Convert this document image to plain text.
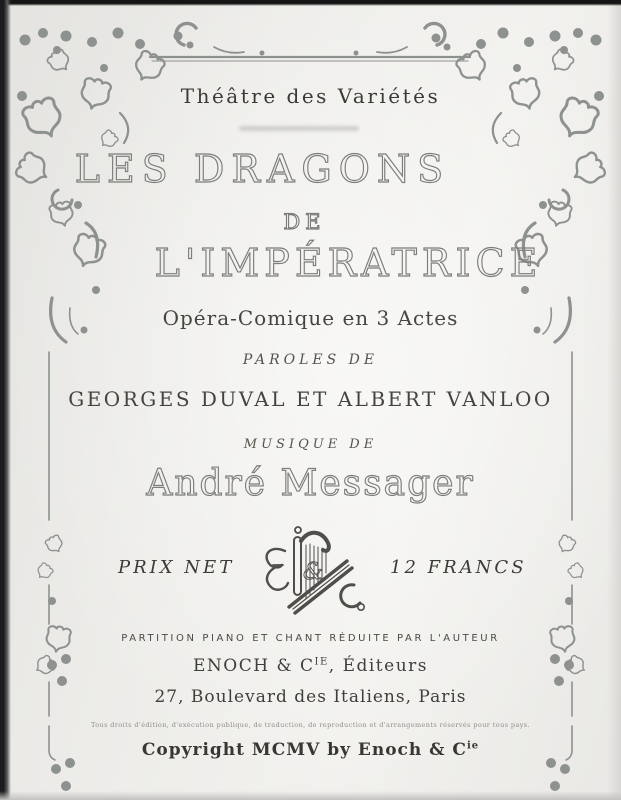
Théâtre des Variétés
LES DRAGONS
DE
L'IMPÉRATRICE
Opéra-Comique en 3 Actes
PAROLES DE
GEORGES DUVAL ET ALBERT VANLOO
MUSIQUE DE
André Messager
PRIX NET	&	12 FRANCS
PARTITION PIANO ET CHANT RÉDUITE PAR L'AUTEUR
ENOCH & $C^{IE}$, Éditeurs
27, Boulevard des Italiens, Paris
Tous droits d'édition, d'exécution publique, de traduction, de reproduction et d'arrangements réservés pour tous pays.
Copyright MCMV by Enoch & $C^{ie}$
